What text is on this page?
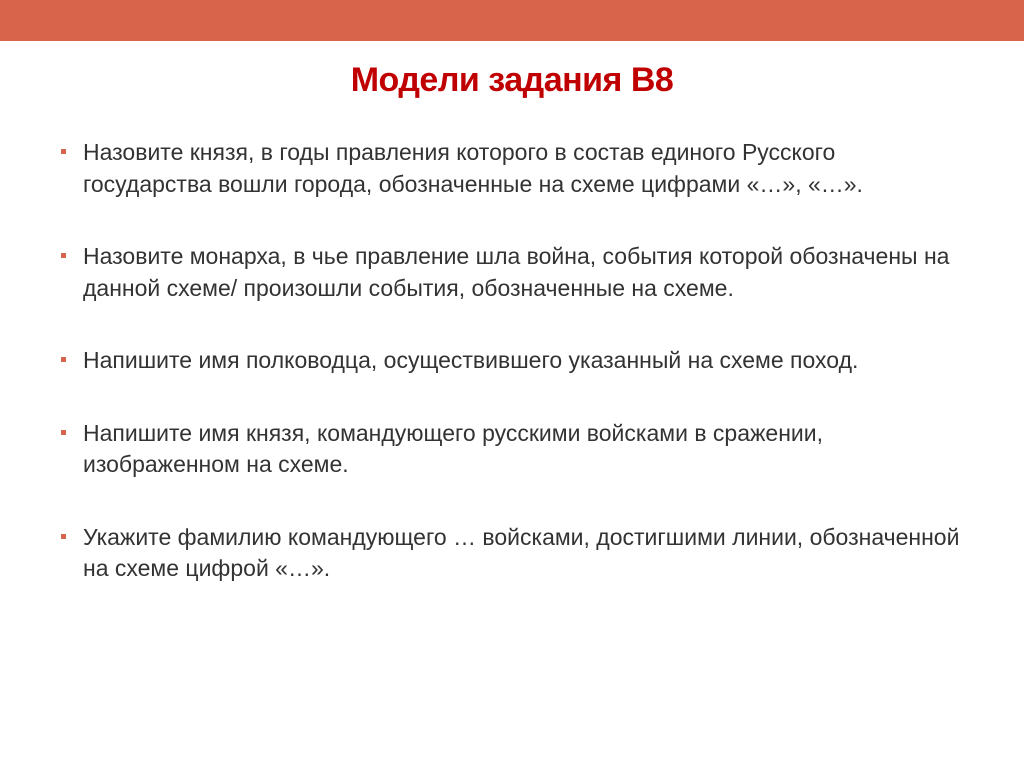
Модели задания В8
Назовите князя, в годы правления которого в состав единого Русского государства вошли города, обозначенные на схеме цифрами «…», «…».
Назовите монарха, в чье правление шла война, события которой обозначены на данной схеме/ произошли события, обозначенные на схеме.
Напишите имя полководца, осуществившего указанный на схеме поход.
Напишите имя князя, командующего русскими войсками в сражении, изображенном на схеме.
Укажите фамилию командующего … войсками, достигшими линии, обозначенной на схеме цифрой «…».
